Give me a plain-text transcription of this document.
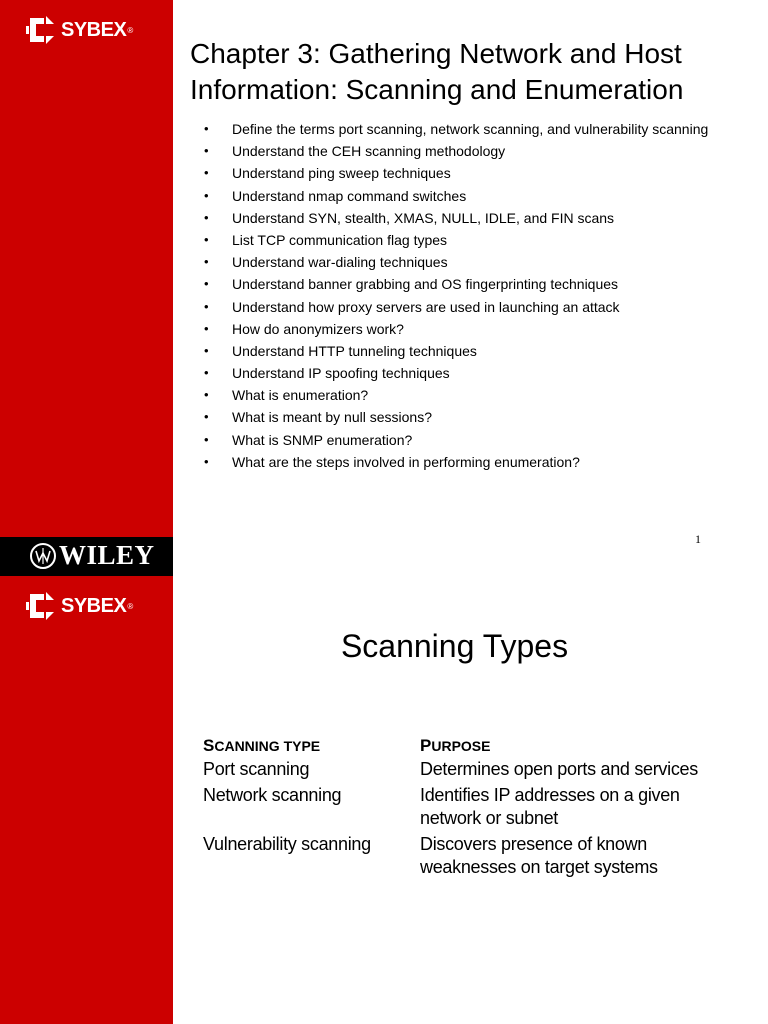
SYBEX ®
WILEY
Chapter 3: Gathering Network and Host Information: Scanning and Enumeration
• Define the terms port scanning, network scanning, and vulnerability scanning
• Understand the CEH scanning methodology
• Understand ping sweep techniques
• Understand nmap command switches
• Understand SYN, stealth, XMAS, NULL, IDLE, and FIN scans
• List TCP communication flag types
• Understand war-dialing techniques
• Understand banner grabbing and OS fingerprinting techniques
• Understand how proxy servers are used in launching an attack
• How do anonymizers work?
• Understand HTTP tunneling techniques
• Understand IP spoofing techniques
• What is enumeration?
• What is meant by null sessions?
• What is SNMP enumeration?
• What are the steps involved in performing enumeration?
1
SYBEX ®
Scanning Types
SCANNING TYPE	PURPOSE
Port scanning	Determines open ports and services
Network scanning	Identifies IP addresses on a given network or subnet
Vulnerability scanning	Discovers presence of known weaknesses on target systems
